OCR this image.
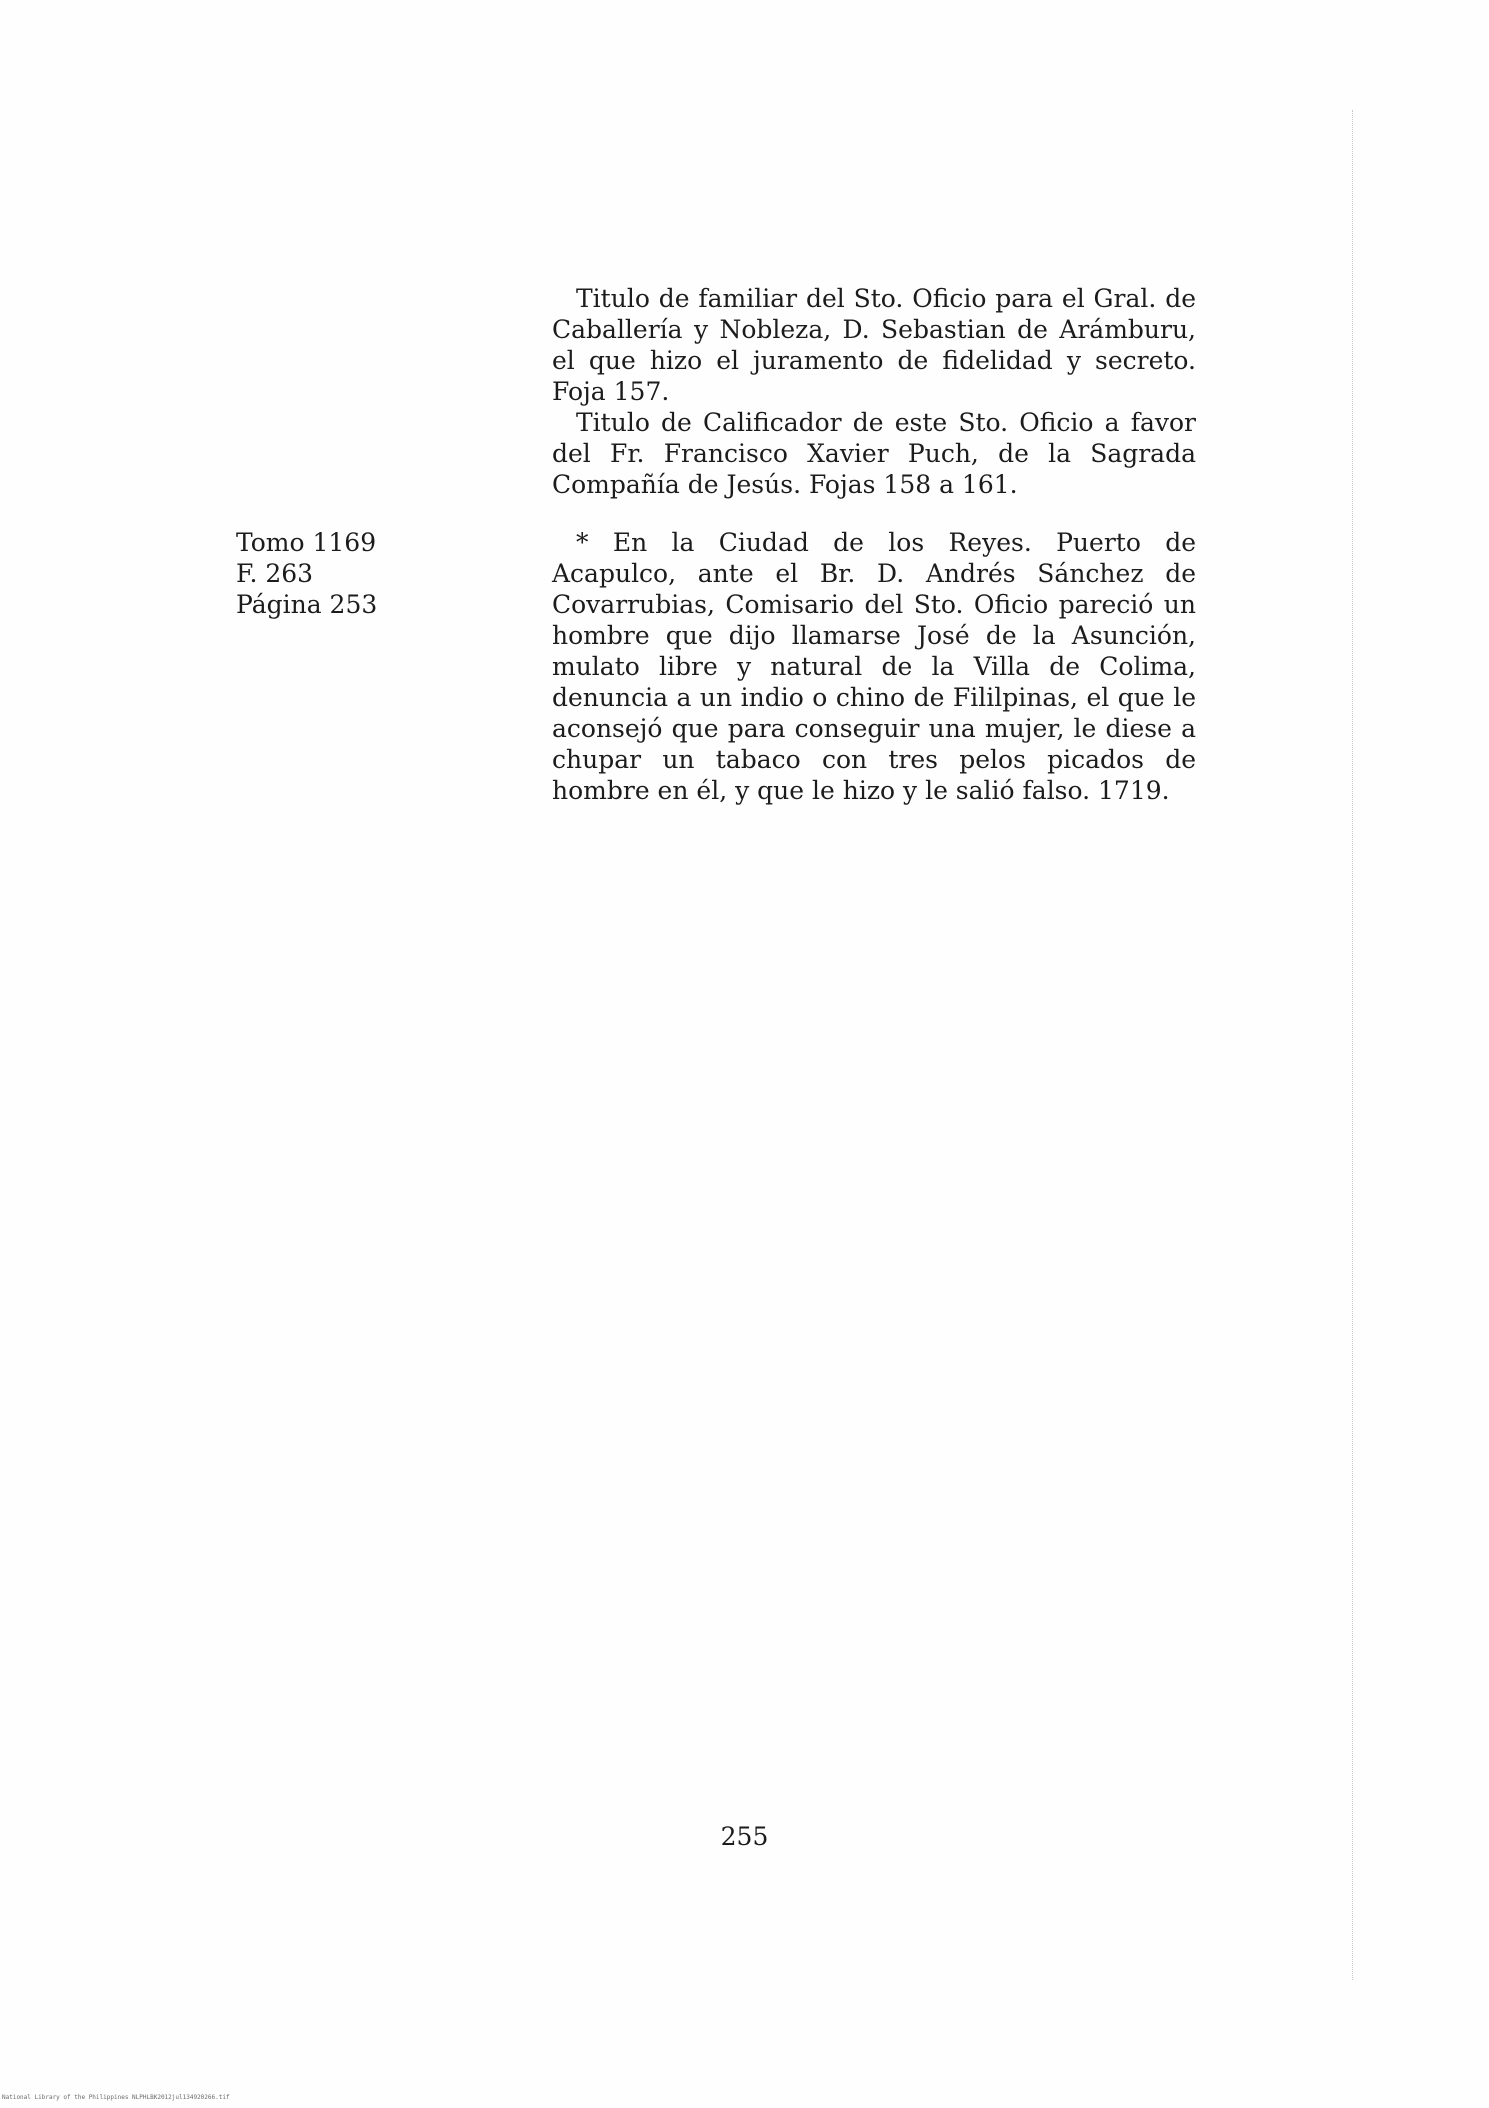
Tomo 1169
F. 263
Página 253

Titulo de familiar del Sto. Oficio para el Gral. de Caballería y Nobleza, D. Sebastian de Arámburu, el que hizo el juramento de fidelidad y secreto. Foja 157.

Titulo de Calificador de este Sto. Oficio a favor del Fr. Francisco Xavier Puch, de la Sagrada Compañía de Jesús. Fojas 158 a 161.

* En la Ciudad de los Reyes. Puerto de Acapulco, ante el Br. D. Andrés Sánchez de Covarrubias, Comisario del Sto. Oficio pareció un hombre que dijo llamarse José de la Asunción, mulato libre y natural de la Villa de Colima, denuncia a un indio o chino de Fililpinas, el que le aconsejó que para conseguir una mujer, le diese a chupar un tabaco con tres pelos picados de hombre en él, y que le hizo y le salió falso. 1719.

255
National Library of the Philippines NLPHLBK2012jul134920266.tif
